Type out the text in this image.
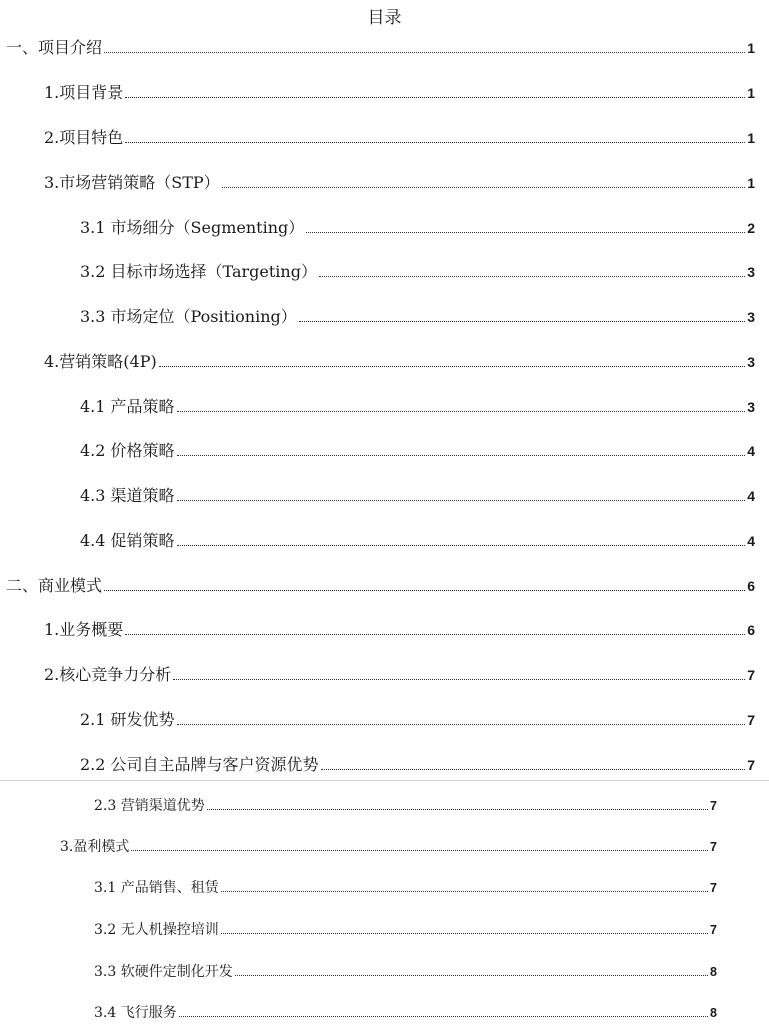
目录
一、项目介绍	1
1.项目背景	1
2.项目特色	1
3.市场营销策略（STP）	1
3.1 市场细分（Segmenting）	2
3.2 目标市场选择（Targeting）	3
3.3 市场定位（Positioning）	3
4.营销策略(4P)	3
4.1 产品策略	3
4.2 价格策略	4
4.3 渠道策略	4
4.4 促销策略	4
二、商业模式	6
1.业务概要	6
2.核心竞争力分析	7
2.1 研发优势	7
2.2 公司自主品牌与客户资源优势	7
2.3 营销渠道优势	7
3.盈利模式	7
3.1 产品销售、租赁	7
3.2 无人机操控培训	7
3.3 软硬件定制化开发	8
3.4 飞行服务	8
